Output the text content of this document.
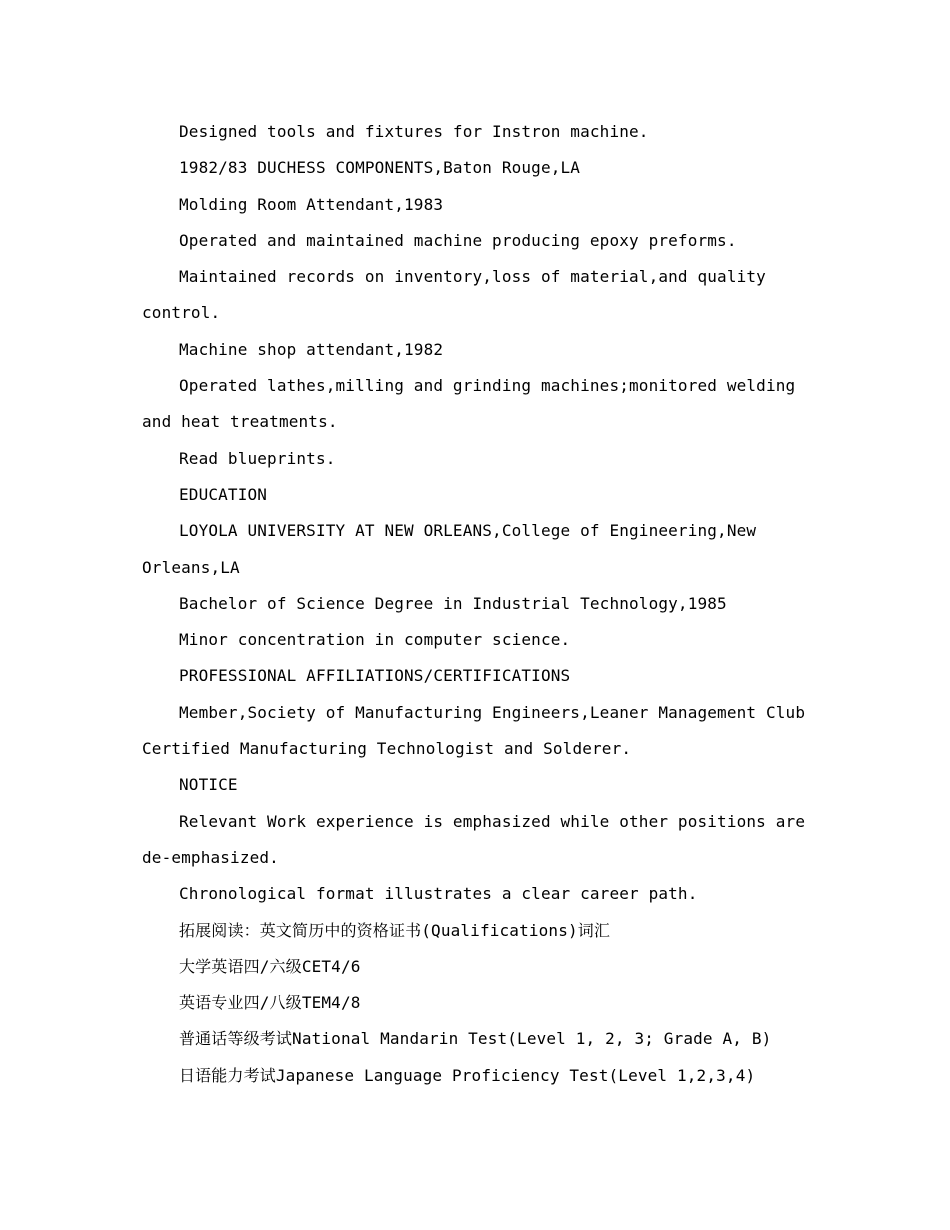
Designed tools and fixtures for Instron machine.

1982/83 DUCHESS COMPONENTS,Baton Rouge,LA

Molding Room Attendant,1983

Operated and maintained machine producing epoxy preforms.

Maintained records on inventory,loss of material,and quality control.

Machine shop attendant,1982

Operated lathes,milling and grinding machines;monitored welding and heat treatments.

Read blueprints.

EDUCATION

LOYOLA UNIVERSITY AT NEW ORLEANS,College of Engineering,New Orleans,LA

Bachelor of Science Degree in Industrial Technology,1985

Minor concentration in computer science.

PROFESSIONAL AFFILIATIONS/CERTIFICATIONS

Member,Society of Manufacturing Engineers,Leaner Management Club Certified Manufacturing Technologist and Solderer.

NOTICE

Relevant Work experience is emphasized while other positions are de-emphasized.

Chronological format illustrates a clear career path.

拓展阅读：英文简历中的资格证书(Qualifications)词汇

大学英语四/六级CET4/6

英语专业四/八级TEM4/8

普通话等级考试National Mandarin Test(Level 1, 2, 3; Grade A, B)

日语能力考试Japanese Language Proficiency Test(Level 1,2,3,4)
